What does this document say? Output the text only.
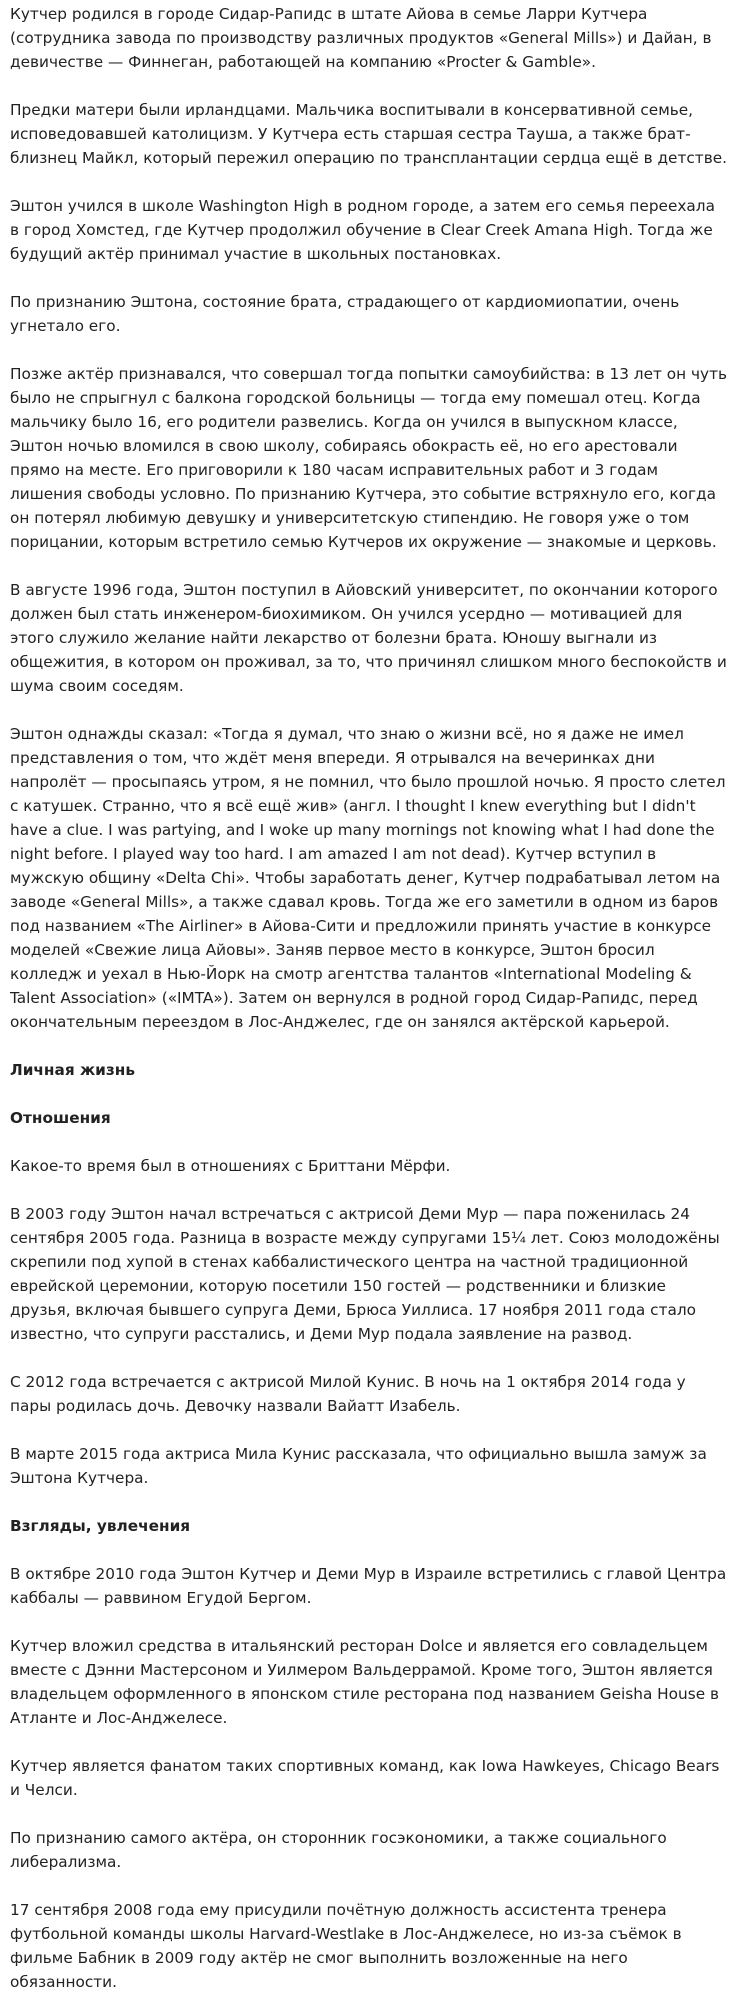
Кутчер родился в городе Сидар-Рапидс в штате Айова в семье Ларри Кутчера (сотрудника завода по производству различных продуктов «General Mills») и Дайан, в девичестве — Финнеган, работающей на компанию «Procter & Gamble».

Предки матери были ирландцами. Мальчика воспитывали в консервативной семье, исповедовавшей католицизм. У Кутчера есть старшая сестра Тауша, а также брат-близнец Майкл, который пережил операцию по трансплантации сердца ещё в детстве.

Эштон учился в школе Washington High в родном городе, а затем его семья переехала в город Хомстед, где Кутчер продолжил обучение в Clear Creek Amana High. Тогда же будущий актёр принимал участие в школьных постановках.

По признанию Эштона, состояние брата, страдающего от кардиомиопатии, очень угнетало его.

Позже актёр признавался, что совершал тогда попытки самоубийства: в 13 лет он чуть было не спрыгнул с балкона городской больницы — тогда ему помешал отец. Когда мальчику было 16, его родители развелись. Когда он учился в выпускном классе, Эштон ночью вломился в свою школу, собираясь обокрасть её, но его арестовали прямо на месте. Его приговорили к 180 часам исправительных работ и 3 годам лишения свободы условно. По признанию Кутчера, это событие встряхнуло его, когда он потерял любимую девушку и университетскую стипендию. Не говоря уже о том порицании, которым встретило семью Кутчеров их окружение — знакомые и церковь.

В августе 1996 года, Эштон поступил в Айовский университет, по окончании которого должен был стать инженером-биохимиком. Он учился усердно — мотивацией для этого служило желание найти лекарство от болезни брата. Юношу выгнали из общежития, в котором он проживал, за то, что причинял слишком много беспокойств и шума своим соседям.

Эштон однажды сказал: «Тогда я думал, что знаю о жизни всё, но я даже не имел представления о том, что ждёт меня впереди. Я отрывался на вечеринках дни напролёт — просыпаясь утром, я не помнил, что было прошлой ночью. Я просто слетел с катушек. Странно, что я всё ещё жив» (англ. I thought I knew everything but I didn't have a clue. I was partying, and I woke up many mornings not knowing what I had done the night before. I played way too hard. I am amazed I am not dead). Кутчер вступил в мужскую общину «Delta Chi». Чтобы заработать денег, Кутчер подрабатывал летом на заводе «General Mills», а также сдавал кровь. Тогда же его заметили в одном из баров под названием «The Airliner» в Айова-Сити и предложили принять участие в конкурсе моделей «Свежие лица Айовы». Заняв первое место в конкурсе, Эштон бросил колледж и уехал в Нью-Йорк на смотр агентства талантов «International Modeling & Talent Association» («IMTA»). Затем он вернулся в родной город Сидар-Рапидс, перед окончательным переездом в Лос-Анджелес, где он занялся актёрской карьерой.

Личная жизнь
Отношения

Какое-то время был в отношениях с Бриттани Мёрфи.

В 2003 году Эштон начал встречаться с актрисой Деми Мур — пара поженилась 24 сентября 2005 года. Разница в возрасте между супругами 15¼ лет. Союз молодожёны скрепили под хупой в стенах каббалистического центра на частной традиционной еврейской церемонии, которую посетили 150 гостей — родственники и близкие друзья, включая бывшего супруга Деми, Брюса Уиллиса. 17 ноября 2011 года стало известно, что супруги расстались, и Деми Мур подала заявление на развод.

С 2012 года встречается с актрисой Милой Кунис. В ночь на 1 октября 2014 года у пары родилась дочь. Девочку назвали Вайатт Изабель.

В марте 2015 года актриса Мила Кунис рассказала, что официально вышла замуж за Эштона Кутчера.

Взгляды, увлечения

В октябре 2010 года Эштон Кутчер и Деми Мур в Израиле встретились с главой Центра каббалы — раввином Егудой Бергом.

Кутчер вложил средства в итальянский ресторан Dolce и является его совладельцем вместе с Дэнни Мастерсоном и Уилмером Вальдеррамой. Кроме того, Эштон является владельцем оформленного в японском стиле ресторана под названием Geisha House в Атланте и Лос-Анджелесе.

Кутчер является фанатом таких спортивных команд, как Iowa Hawkeyes, Chicago Bears и Челси.

По признанию самого актёра, он сторонник госэкономики, а также социального либерализма.

17 сентября 2008 года ему присудили почётную должность ассистента тренера футбольной команды школы Harvard-Westlake в Лос-Анджелесе, но из-за съёмок в фильме Бабник в 2009 году актёр не смог выполнить возложенные на него обязанности.
